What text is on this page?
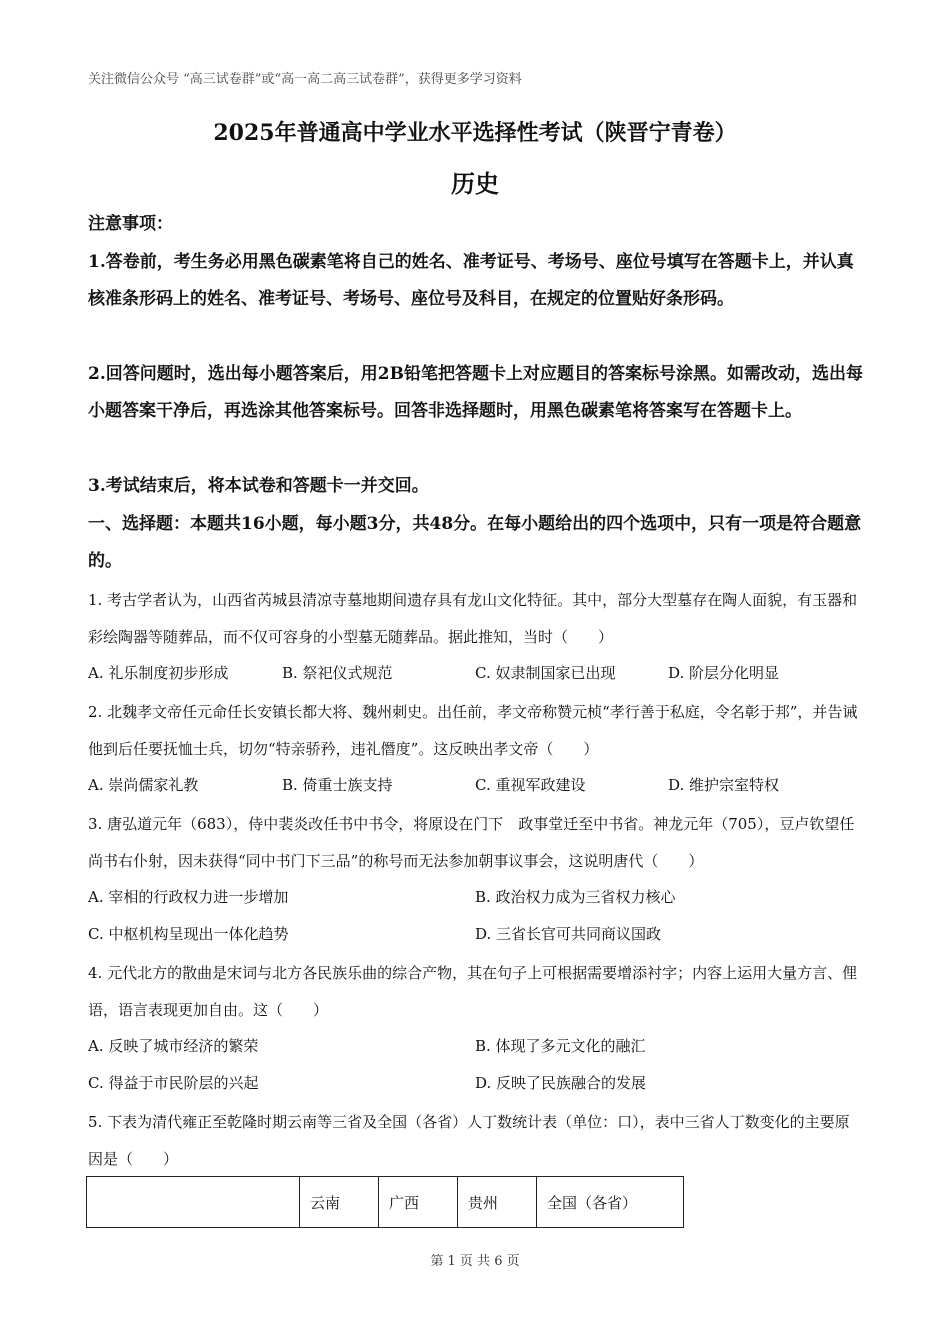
关注微信公众号 “高三试卷群”或“高一高二高三试卷群”，获得更多学习资料
2025年普通高中学业水平选择性考试（陕晋宁青卷）
历史
注意事项：
1.答卷前，考生务必用黑色碳素笔将自己的姓名、准考证号、考场号、座位号填写在答题卡上，并认真核准条形码上的姓名、准考证号、考场号、座位号及科目，在规定的位置贴好条形码。
2.回答问题时，选出每小题答案后，用2B铅笔把答题卡上对应题目的答案标号涂黑。如需改动，选出每小题答案干净后，再选涂其他答案标号。回答非选择题时，用黑色碳素笔将答案写在答题卡上。
3.考试结束后，将本试卷和答题卡一并交回。
一、选择题：本题共16小题，每小题3分，共48分。在每小题给出的四个选项中，只有一项是符合题意的。
1. 考古学者认为，山西省芮城县清凉寺墓地期间遗存具有龙山文化特征。其中，部分大型墓存在陶人面貌，有玉器和彩绘陶器等随葬品，而不仅可容身的小型墓无随葬品。据此推知，当时（　　）
A. 礼乐制度初步形成	B. 祭祀仪式规范	C. 奴隶制国家已出现	D. 阶层分化明显
2. 北魏孝文帝任元命任长安镇长都大将、魏州刺史。出任前，孝文帝称赞元桢“孝行善于私庭，令名彰于邦”，并告诫他到后任要抚恤士兵，切勿“特亲骄矜，违礼僭度”。这反映出孝文帝（　　）
A. 崇尚儒家礼教	B. 倚重士族支持	C. 重视军政建设	D. 维护宗室特权
3. 唐弘道元年（683），侍中裴炎改任书中书令，将原设在门下　政事堂迁至中书省。神龙元年（705），豆卢钦望任尚书右仆射，因未获得“同中书门下三品”的称号而无法参加朝事议事会，这说明唐代（　　）
A. 宰相的行政权力进一步增加	B. 政治权力成为三省权力核心
C. 中枢机构呈现出一体化趋势	D. 三省长官可共同商议国政
4. 元代北方的散曲是宋词与北方各民族乐曲的综合产物，其在句子上可根据需要增添衬字；内容上运用大量方言、俚语，语言表现更加自由。这（　　）
A. 反映了城市经济的繁荣	B. 体现了多元文化的融汇
C. 得益于市民阶层的兴起	D. 反映了民族融合的发展
5. 下表为清代雍正至乾隆时期云南等三省及全国（各省）人丁数统计表（单位：口），表中三省人丁数变化的主要原因是（　　）
	云南	广西	贵州	全国（各省）
第 1 页 共 6 页
